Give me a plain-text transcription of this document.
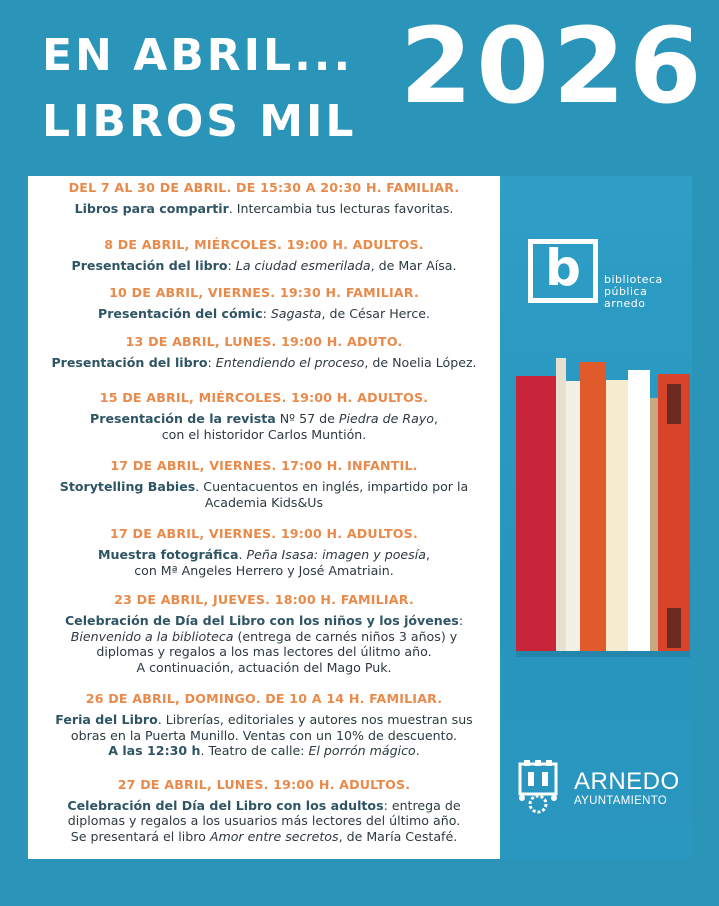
EN ABRIL...
LIBROS MIL 2026
DEL 7 AL 30 DE ABRIL. DE 15:30 A 20:30 H. FAMILIAR.
Libros para compartir. Intercambia tus lecturas favoritas.
8 DE ABRIL, MIÉRCOLES. 19:00 H. ADULTOS.
Presentación del libro: La ciudad esmerilada, de Mar Aísa.
10 DE ABRIL, VIERNES. 19:30 H. FAMILIAR.
Presentación del cómic: Sagasta, de César Herce.
13 DE ABRIL, LUNES. 19:00 H. ADUTO.
Presentación del libro: Entendiendo el proceso, de Noelia López.
15 DE ABRIL, MIÉRCOLES. 19:00 H. ADULTOS.
Presentación de la revista Nº 57 de Piedra de Rayo,
con el historidor Carlos Muntión.
17 DE ABRIL, VIERNES. 17:00 H. INFANTIL.
Storytelling Babies. Cuentacuentos en inglés, impartido por la
Academia Kids&Us
17 DE ABRIL, VIERNES. 19:00 H. ADULTOS.
Muestra fotográfica. Peña Isasa: imagen y poesía,
con Mª Angeles Herrero y José Amatriain.
23 DE ABRIL, JUEVES. 18:00 H. FAMILIAR.
Celebración de Día del Libro con los niños y los jóvenes:
Bienvenido a la biblioteca (entrega de carnés niños 3 años) y
diplomas y regalos a los mas lectores del úlitmo año.
A continuación, actuación del Mago Puk.
26 DE ABRIL, DOMINGO. DE 10 A 14 H. FAMILIAR.
Feria del Libro. Librerías, editoriales y autores nos muestran sus
obras en la Puerta Munillo. Ventas con un 10% de descuento.
A las 12:30 h. Teatro de calle: El porrón mágico.
27 DE ABRIL, LUNES. 19:00 H. ADULTOS.
Celebración del Día del Libro con los adultos: entrega de
diplomas y regalos a los usuarios más lectores del último año.
Se presentará el libro Amor entre secretos, de María Cestafé.
b biblioteca
pública
arnedo
ARNEDO
AYUNTAMIENTO
